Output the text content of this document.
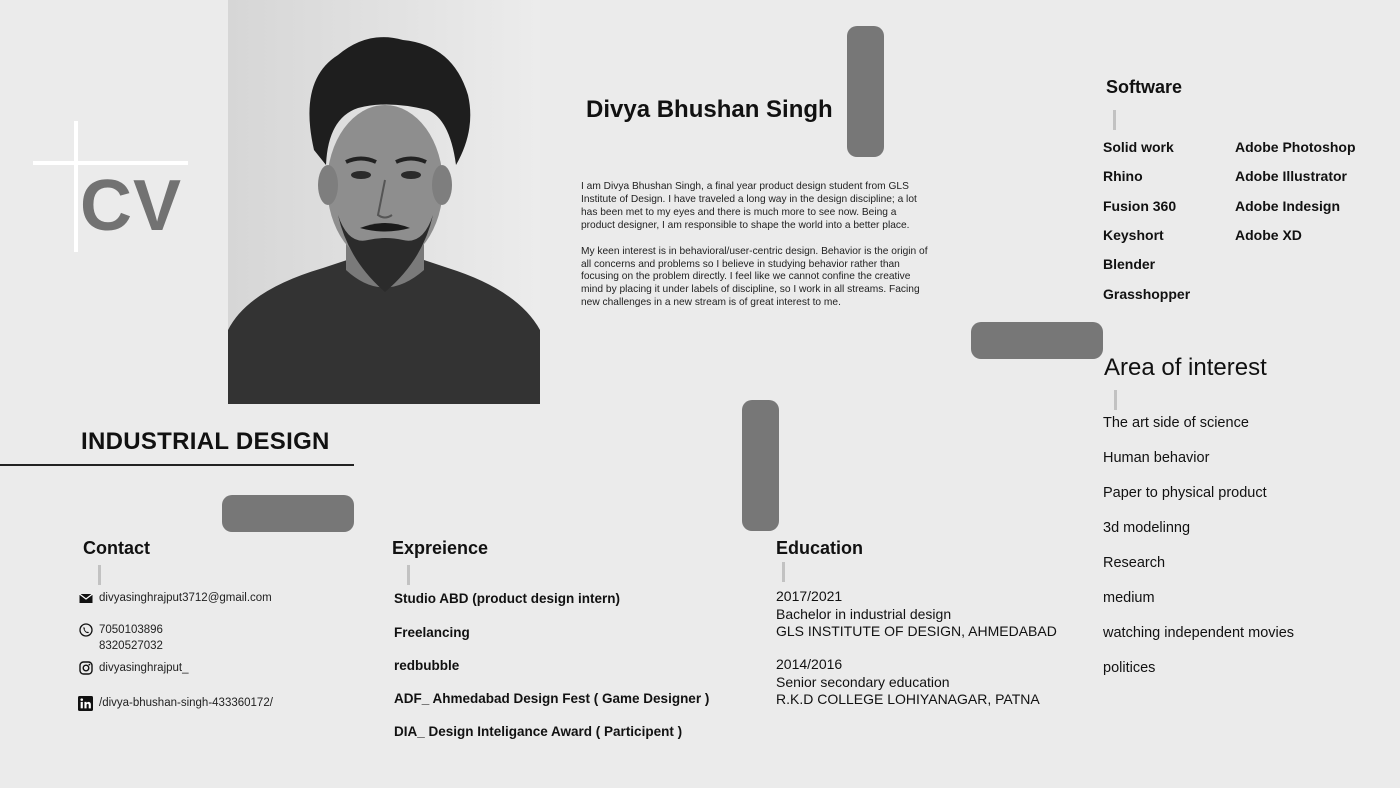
CV
Divya Bhushan Singh

I am Divya Bhushan Singh, a final year product design student from GLS Institute of Design. I have traveled a long way in the design discipline; a lot has been met to my eyes and there is much more to see now. Being a product designer, I am responsible to shape the world into a better place.

My keen interest is in behavioral/user-centric design. Behavior is the origin of all concerns and problems so I believe in studying behavior rather than focusing on the problem directly. I feel like we cannot confine the creative mind by placing it under labels of discipline, so I work in all streams. Facing new challenges in a new stream is of great interest to me.

INDUSTRIAL DESIGN
Contact
divyasinghrajput3712@gmail.com
7050103896
8320527032
divyasinghrajput_
/divya-bhushan-singh-433360172/
Expreience
Studio ABD (product design intern)
Freelancing
redbubble
ADF_ Ahmedabad Design Fest ( Game Designer )
DIA_ Design Inteligance Award ( Participent )
Education
2017/2021
Bachelor in industrial design
GLS INSTITUTE OF DESIGN, AHMEDABAD
2014/2016
Senior secondary education
R.K.D COLLEGE LOHIYANAGAR, PATNA
Software
Solid work
Rhino
Fusion 360
Keyshort
Blender
Grasshopper
Adobe Photoshop
Adobe Illustrator
Adobe Indesign
Adobe XD
Area of interest
The art side of science
Human behavior
Paper to physical product
3d modelinng
Research
medium
watching independent movies
politices
